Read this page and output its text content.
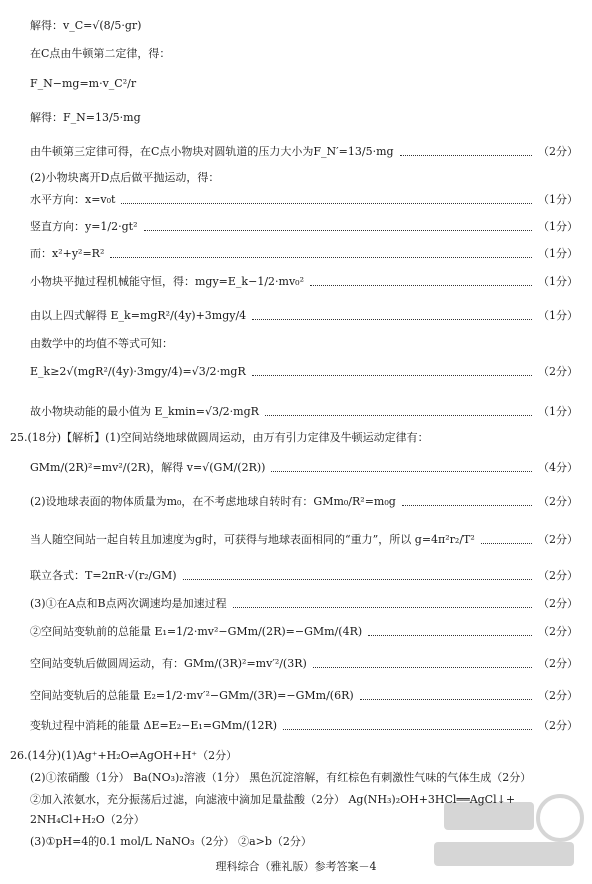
解得：v_C=√(8/5·gr)
在C点由牛顿第二定律，得：
F_N−mg=m·v_C²/r
解得：F_N=13/5·mg
由牛顿第三定律可得，在C点小物块对圆轨道的压力大小为F_N′=13/5·mg	（2分）
(2)小物块离开D点后做平抛运动，得：
水平方向：x=v₀t	（1分）
竖直方向：y=1/2·gt²	（1分）
而：x²+y²=R²	（1分）
小物块平抛过程机械能守恒，得：mgy=E_k−1/2·mv₀²	（1分）
由以上四式解得 E_k=mgR²/(4y)+3mgy/4	（1分）
由数学中的均值不等式可知：
E_k≥2√(mgR²/(4y)·3mgy/4)=√3/2·mgR	（2分）
故小物块动能的最小值为 E_kmin=√3/2·mgR	（1分）
25.(18分)【解析】(1)空间站绕地球做圆周运动，由万有引力定律及牛顿运动定律有：
GMm/(2R)²=mv²/(2R)，解得 v=√(GM/(2R))	（4分）
(2)设地球表面的物体质量为m₀，在不考虑地球自转时有：GMm₀/R²=m₀g	（2分）
当人随空间站一起自转且加速度为g时，可获得与地球表面相同的“重力”，所以 g=4π²r₂/T²	（2分）
联立各式：T=2πR·√(r₂/GM)	（2分）
(3)①在A点和B点两次调速均是加速过程	（2分）
②空间站变轨前的总能量 E₁=1/2·mv²−GMm/(2R)=−GMm/(4R)	（2分）
空间站变轨后做圆周运动，有：GMm/(3R)²=mv′²/(3R)	（2分）
空间站变轨后的总能量 E₂=1/2·mv′²−GMm/(3R)=−GMm/(6R)	（2分）
变轨过程中消耗的能量 ΔE=E₂−E₁=GMm/(12R)	（2分）
26.(14分)(1)Ag⁺+H₂O⇌AgOH+H⁺（2分）
(2)①浓硝酸（1分） Ba(NO₃)₂溶液（1分） 黑色沉淀溶解，有红棕色有刺激性气味的气体生成（2分）
②加入浓氨水，充分振荡后过滤，向滤液中滴加足量盐酸（2分） Ag(NH₃)₂OH+3HCl══AgCl↓+
2NH₄Cl+H₂O（2分）
(3)①pH=4的0.1 mol/L NaNO₃（2分） ②a>b（2分）
理科综合（雅礼版）参考答案－4
